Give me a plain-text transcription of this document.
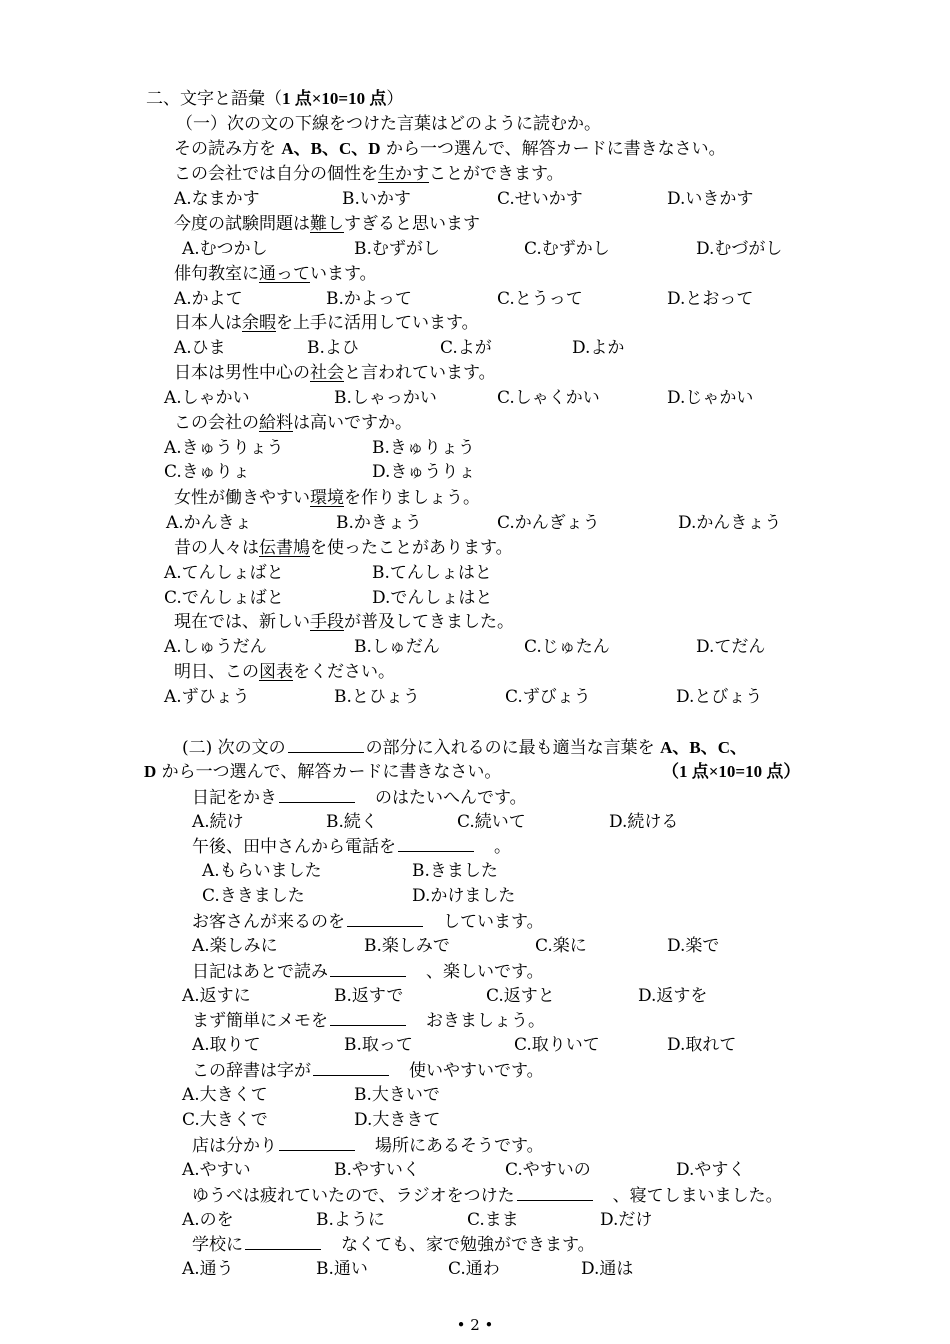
二、文字と語彙（1 点×10=10 点）
（一）次の文の下線をつけた言葉はどのように読むか。
その読み方を A、B、C、D から一つ選んで、解答カードに書きなさい。
この会社では自分の個性を生かすことができます。
A.なまかす	B.いかす	C.せいかす	D.いきかす
今度の試験問題は難しすぎると思います
A.むつかし	B.むずがし	C.むずかし	D.むづがし
俳句教室に通っています。
A.かよて	B.かよって	C.とうって	D.とおって
日本人は余暇を上手に活用しています。
A.ひま	B.よひ	C.よが	D.よか
日本は男性中心の社会と言われています。
A.しゃかい	B.しゃっかい	C.しゃくかい	D.じゃかい
この会社の給料は高いですか。
A.きゅうりょう	B.きゅりょう
C.きゅりょ	D.きゅうりょ
女性が働きやすい環境を作りましょう。
A.かんきょ	B.かきょう	C.かんぎょう	D.かんきょう
昔の人々は伝書鳩を使ったことがあります。
A.てんしょばと	B.てんしょはと
C.でんしょばと	D.でんしょはと
現在では、新しい手段が普及してきました。
A.しゅうだん	B.しゅだん	C.じゅたん	D.てだん
明日、この図表をください。
A.ずひょう	B.とひょう	C.ずびょう	D.とびょう
(二) 次の文の	の部分に入れるのに最も適当な言葉を A、B、C、
D から一つ選んで、解答カードに書きなさい。	（1 点×10=10 点）
日記をかき	のはたいへんです。
A.続け	B.続く	C.続いて	D.続ける
午後、田中さんから電話を	。
A.もらいました	B.きました
C.ききました	D.かけました
お客さんが来るのを	しています。
A.楽しみに	B.楽しみで	C.楽に	D.楽で
日記はあとで読み	、楽しいです。
A.返すに	B.返すで	C.返すと	D.返すを
まず簡単にメモを	おきましょう。
A.取りて	B.取って	C.取りいて	D.取れて
この辞書は字が	使いやすいです。
A.大きくて	B.大きいで
C.大きくで	D.大ききて
店は分かり	場所にあるそうです。
A.やすい	B.やすいく	C.やすいの	D.やすく
ゆうべは疲れていたので、ラジオをつけた	、寝てしまいました。
A.のを	B.ように	C.まま	D.だけ
学校に	なくても、家で勉強ができます。
A.通う	B.通い	C.通わ	D.通は
• 2 •
